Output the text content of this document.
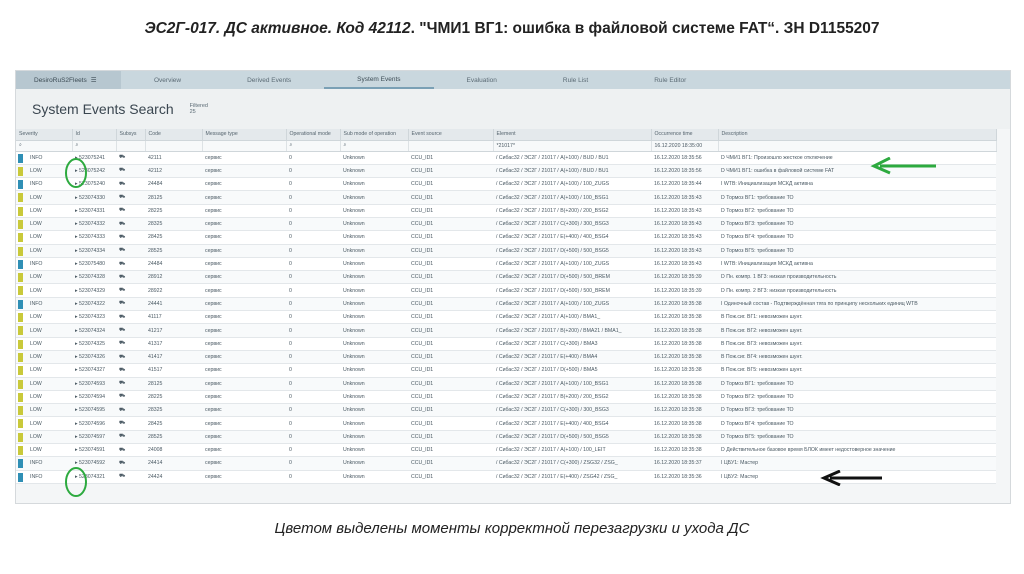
ЭС2Г-017. ДС активное. Код 42112. "ЧМИ1 ВГ1: ошибка в файловой системе FAT“. ЗН D1155207
DesiroRuS2Fleets ☰	Overview	Derived Events	System Events	Evaluation	Rule List	Rule Editor
System Events Search	Filtered
25
Severity	Id	Subsys	Code	Message type	Operational mode	Sub mode of operation	Event source	Element	Occurrence time	Description
⌕	⌕				⌕	⌕		*21017*	16.12.2020 18:35:00	

INFO	▸ 523075241	⛟	42111	сервис	0	Unknown	CCU_ID1	/ Сибас32 / ЭС2Г / 21017 / А(+100) / BUD / BU1	16.12.2020 18:35:56	D ЧМИ1 ВГ1: Произошло жесткое отключение

LOW	▸ 523075242	⛟	42112	сервис	0	Unknown	CCU_ID1	/ Сибас32 / ЭС2Г / 21017 / А(+100) / BUD / BU1	16.12.2020 18:35:56	D ЧМИ1 ВГ1: ошибка в файловой системе FAT

INFO	▸ 523075240	⛟	24484	сервис	0	Unknown	CCU_ID1	/ Сибас32 / ЭС2Г / 21017 / А(+100) / 100_ZUGS	16.12.2020 18:35:44	I WTB: Инициализация МСКД активна

LOW	▸ 523074330	⛟	28125	сервис	0	Unknown	CCU_ID1	/ Сибас32 / ЭС2Г / 21017 / А(+100) / 100_BSG1	16.12.2020 18:35:43	D Тормоз ВГ1: требование ТО

LOW	▸ 523074331	⛟	28225	сервис	0	Unknown	CCU_ID1	/ Сибас32 / ЭС2Г / 21017 / В(+200) / 200_BSG2	16.12.2020 18:35:43	D Тормоз ВГ2: требование ТО

LOW	▸ 523074332	⛟	28325	сервис	0	Unknown	CCU_ID1	/ Сибас32 / ЭС2Г / 21017 / С(+300) / 300_BSG3	16.12.2020 18:35:43	D Тормоз ВГ3: требование ТО

LOW	▸ 523074333	⛟	28425	сервис	0	Unknown	CCU_ID1	/ Сибас32 / ЭС2Г / 21017 / Е(+400) / 400_BSG4	16.12.2020 18:35:43	D Тормоз ВГ4: требование ТО

LOW	▸ 523074334	⛟	28525	сервис	0	Unknown	CCU_ID1	/ Сибас32 / ЭС2Г / 21017 / D(+500) / 500_BSG5	16.12.2020 18:35:43	D Тормоз ВГ5: требование ТО

INFO	▸ 523075480	⛟	24484	сервис	0	Unknown	CCU_ID1	/ Сибас32 / ЭС2Г / 21017 / А(+100) / 100_ZUGS	16.12.2020 18:35:43	I WTB: Инициализация МСКД активна

LOW	▸ 523074328	⛟	28912	сервис	0	Unknown	CCU_ID1	/ Сибас32 / ЭС2Г / 21017 / D(+500) / 500_BREM	16.12.2020 18:35:39	D Пн. компр. 1 ВГ3: низкая производительность

LOW	▸ 523074329	⛟	28922	сервис	0	Unknown	CCU_ID1	/ Сибас32 / ЭС2Г / 21017 / D(+500) / 500_BREM	16.12.2020 18:35:39	D Пн. компр. 2 ВГ3: низкая производительность

INFO	▸ 523074322	⛟	24441	сервис	0	Unknown	CCU_ID1	/ Сибас32 / ЭС2Г / 21017 / А(+100) / 100_ZUGS	16.12.2020 18:35:38	I Одиночный состав - Подтверждённая тяга по принципу нескольких единиц WTB

LOW	▸ 523074323	⛟	41117	сервис	0	Unknown	CCU_ID1	/ Сибас32 / ЭС2Г / 21017 / А(+100) / BMA1_	16.12.2020 18:35:38	В Пож.сиг. ВГ1: невозможен шунт.

LOW	▸ 523074324	⛟	41217	сервис	0	Unknown	CCU_ID1	/ Сибас32 / ЭС2Г / 21017 / В(+200) / BMA21 / BMA1_	16.12.2020 18:35:38	В Пож.сиг. ВГ2: невозможен шунт.

LOW	▸ 523074325	⛟	41317	сервис	0	Unknown	CCU_ID1	/ Сибас32 / ЭС2Г / 21017 / С(+300) / BMA3	16.12.2020 18:35:38	В Пож.сиг. ВГ3: невозможен шунт.

LOW	▸ 523074326	⛟	41417	сервис	0	Unknown	CCU_ID1	/ Сибас32 / ЭС2Г / 21017 / Е(+400) / BMA4	16.12.2020 18:35:38	В Пож.сиг. ВГ4: невозможен шунт.

LOW	▸ 523074327	⛟	41517	сервис	0	Unknown	CCU_ID1	/ Сибас32 / ЭС2Г / 21017 / D(+500) / BMA5	16.12.2020 18:35:38	В Пож.сиг. ВГ5: невозможен шунт.

LOW	▸ 523074593	⛟	28125	сервис	0	Unknown	CCU_ID1	/ Сибас32 / ЭС2Г / 21017 / А(+100) / 100_BSG1	16.12.2020 18:35:38	D Тормоз ВГ1: требование ТО

LOW	▸ 523074594	⛟	28225	сервис	0	Unknown	CCU_ID1	/ Сибас32 / ЭС2Г / 21017 / В(+200) / 200_BSG2	16.12.2020 18:35:38	D Тормоз ВГ2: требование ТО

LOW	▸ 523074595	⛟	28325	сервис	0	Unknown	CCU_ID1	/ Сибас32 / ЭС2Г / 21017 / С(+300) / 300_BSG3	16.12.2020 18:35:38	D Тормоз ВГ3: требование ТО

LOW	▸ 523074596	⛟	28425	сервис	0	Unknown	CCU_ID1	/ Сибас32 / ЭС2Г / 21017 / Е(+400) / 400_BSG4	16.12.2020 18:35:38	D Тормоз ВГ4: требование ТО

LOW	▸ 523074597	⛟	28525	сервис	0	Unknown	CCU_ID1	/ Сибас32 / ЭС2Г / 21017 / D(+500) / 500_BSG5	16.12.2020 18:35:38	D Тормоз ВГ5: требование ТО

LOW	▸ 523074591	⛟	24008	сервис	0	Unknown	CCU_ID1	/ Сибас32 / ЭС2Г / 21017 / А(+100) / 100_LEIT	16.12.2020 18:35:38	D Действительное базовое время БЛОК имеет недостоверное значение

INFO	▸ 523074592	⛟	24414	сервис	0	Unknown	CCU_ID1	/ Сибас32 / ЭС2Г / 21017 / С(+300) / ZSG32 / ZSG_	16.12.2020 18:35:37	I ЦБУ1: Мастер

INFO	▸ 523074321	⛟	24424	сервис	0	Unknown	CCU_ID1	/ Сибас32 / ЭС2Г / 21017 / Е(+400) / ZSG42 / ZSG_	16.12.2020 18:35:36	I ЦБУ2: Мастер
Цветом выделены моменты корректной перезагрузки и ухода ДС
